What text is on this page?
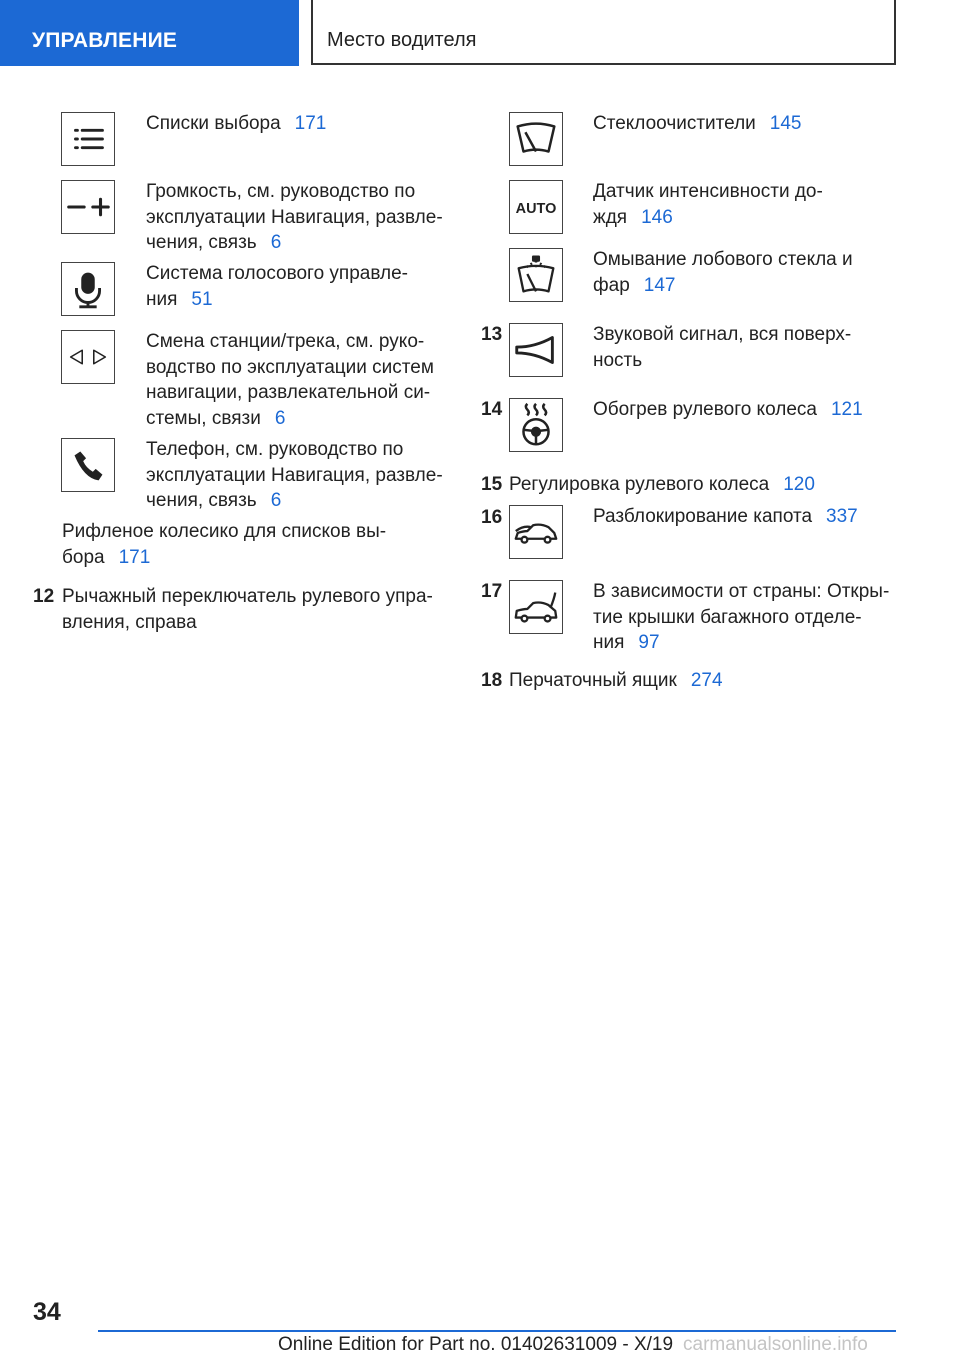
УПРАВЛЕНИЕ	Место водителя
Списки выбора 171
Громкость, см. руководство по
эксплуатации Навигация, развле‐
чения, связь 6
Система голосового управле‐
ния 51
Смена станции/трека, см. руко‐
водство по эксплуатации систем
навигации, развлекательной си‐
стемы, связи 6
Телефон, см. руководство по
эксплуатации Навигация, развле‐
чения, связь 6
Рифленое колесико для списков вы‐
бора 171
12 Рычажный переключатель рулевого упра‐
вления, справа
Стеклоочистители 145
AUTO
Датчик интенсивности до‐
ждя 146
Омывание лобового стекла и
фар 147
13	Звуковой сигнал, вся поверх‐
ность
14	Обогрев рулевого колеса 121
15 Регулировка рулевого колеса 120
16	Разблокирование капота 337
17	В зависимости от страны: Откры‐
тие крышки багажного отделе‐
ния 97
18 Перчаточный ящик 274
34
Online Edition for Part no. 01402631009 - X/19 carmanualsonline.info
